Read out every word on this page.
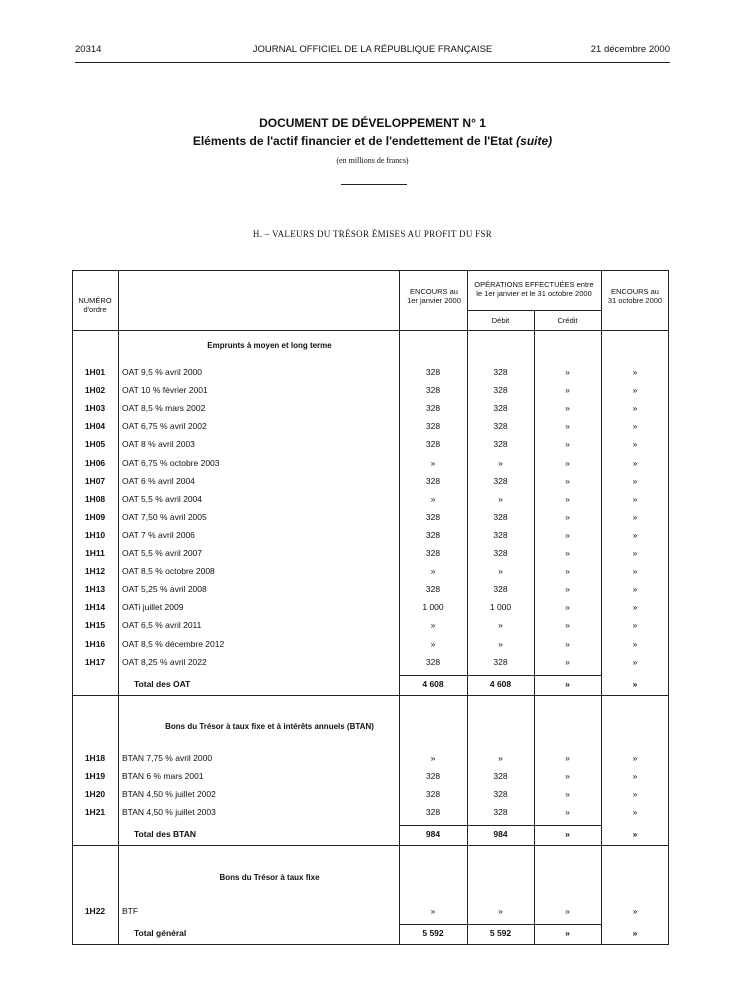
20314	JOURNAL OFFICIEL DE LA RÉPUBLIQUE FRANÇAISE	21 décembre 2000
DOCUMENT DE DÉVELOPPEMENT N° 1
Eléments de l'actif financier et de l'endettement de l'Etat (suite)
(en millions de francs)
H. – VALEURS DU TRÉSOR ÉMISES AU PROFIT DU FSR
NUMÉRO d'ordre
ENCOURS au 1er janvier 2000
OPÉRATIONS EFFECTUÉES entre le 1er janvier et le 31 octobre 2000
Débit	Crédit
ENCOURS au 31 octobre 2000
Emprunts à moyen et long terme
1H01	OAT 9,5 % avril 2000	328	328	»	»
1H02	OAT 10 % février 2001	328	328	»	»
1H03	OAT 8,5 % mars 2002	328	328	»	»
1H04	OAT 6,75 % avril 2002	328	328	»	»
1H05	OAT 8 % avril 2003	328	328	»	»
1H06	OAT 6,75 % octobre 2003	»	»	»	»
1H07	OAT 6 % avril 2004	328	328	»	»
1H08	OAT 5,5 % avril 2004	»	»	»	»
1H09	OAT 7,50 % avril 2005	328	328	»	»
1H10	OAT 7 % avril 2006	328	328	»	»
1H11	OAT 5,5 % avril 2007	328	328	»	»
1H12	OAT 8,5 % octobre 2008	»	»	»	»
1H13	OAT 5,25 % avril 2008	328	328	»	»
1H14	OATi juillet 2009	1 000	1 000	»	»
1H15	OAT 6,5 % avril 2011	»	»	»	»
1H16	OAT 8,5 % décembre 2012	»	»	»	»
1H17	OAT 8,25 % avril 2022	328	328	»	»
Total des OAT	4 608	4 608	»	»
Bons du Trésor à taux fixe et à intérêts annuels (BTAN)
1H18	BTAN 7,75 % avril 2000	»	»	»	»
1H19	BTAN 6 % mars 2001	328	328	»	»
1H20	BTAN 4,50 % juillet 2002	328	328	»	»
1H21	BTAN 4,50 % juillet 2003	328	328	»	»
Total des BTAN	984	984	»	»
Bons du Trésor à taux fixe
1H22	BTF	»	»	»	»
Total général	5 592	5 592	»	»
